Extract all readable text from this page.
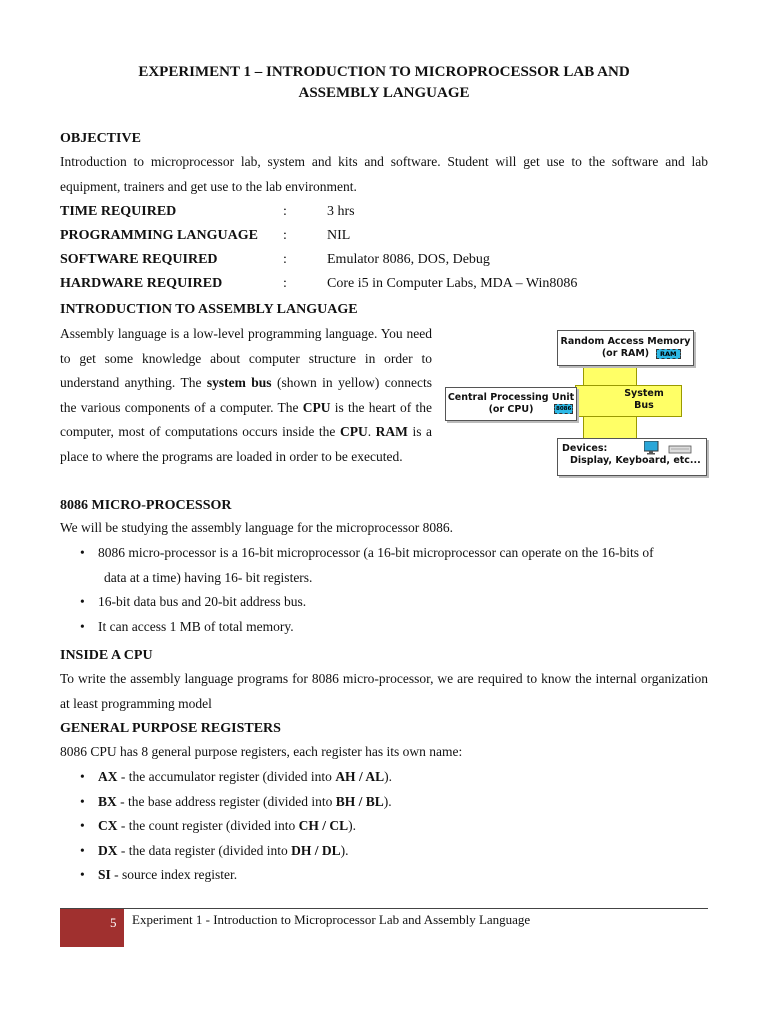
EXPERIMENT 1 – INTRODUCTION TO MICROPROCESSOR LAB AND
ASSEMBLY LANGUAGE
OBJECTIVE
Introduction to microprocessor lab, system and kits and software. Student will get use to the software and lab equipment, trainers and get use to the lab environment.
TIME REQUIRED	:	3 hrs
PROGRAMMING LANGUAGE :	NIL
SOFTWARE REQUIRED	:	Emulator 8086, DOS, Debug
HARDWARE REQUIRED	:	Core i5 in Computer Labs, MDA – Win8086
INTRODUCTION TO ASSEMBLY LANGUAGE
Assembly language is a low-level programming language. You need to get some knowledge about computer structure in order to understand anything. The system bus (shown in yellow) connects the various components of a computer. The CPU is the heart of the computer, most of computations occurs inside the CPU. RAM is a place to where the programs are loaded in order to be executed.
Random Access Memory
(or RAM)	RAM
Central Processing Unit
(or CPU)	8086
System
Bus
Devices:
Display, Keyboard, etc...
8086 MICRO-PROCESSOR
We will be studying the assembly language for the microprocessor 8086.
• 8086 micro-processor is a 16-bit microprocessor (a 16-bit microprocessor can operate on the 16-bits of
data at a time) having 16- bit registers.
• 16-bit data bus and 20-bit address bus.
• It can access 1 MB of total memory.
INSIDE A CPU
To write the assembly language programs for 8086 micro-processor, we are required to know the internal organization at least programming model
GENERAL PURPOSE REGISTERS
8086 CPU has 8 general purpose registers, each register has its own name:
• AX - the accumulator register (divided into AH / AL).
• BX - the base address register (divided into BH / BL).
• CX - the count register (divided into CH / CL).
• DX - the data register (divided into DH / DL).
• SI - source index register.
5 Experiment 1 - Introduction to Microprocessor Lab and Assembly Language
